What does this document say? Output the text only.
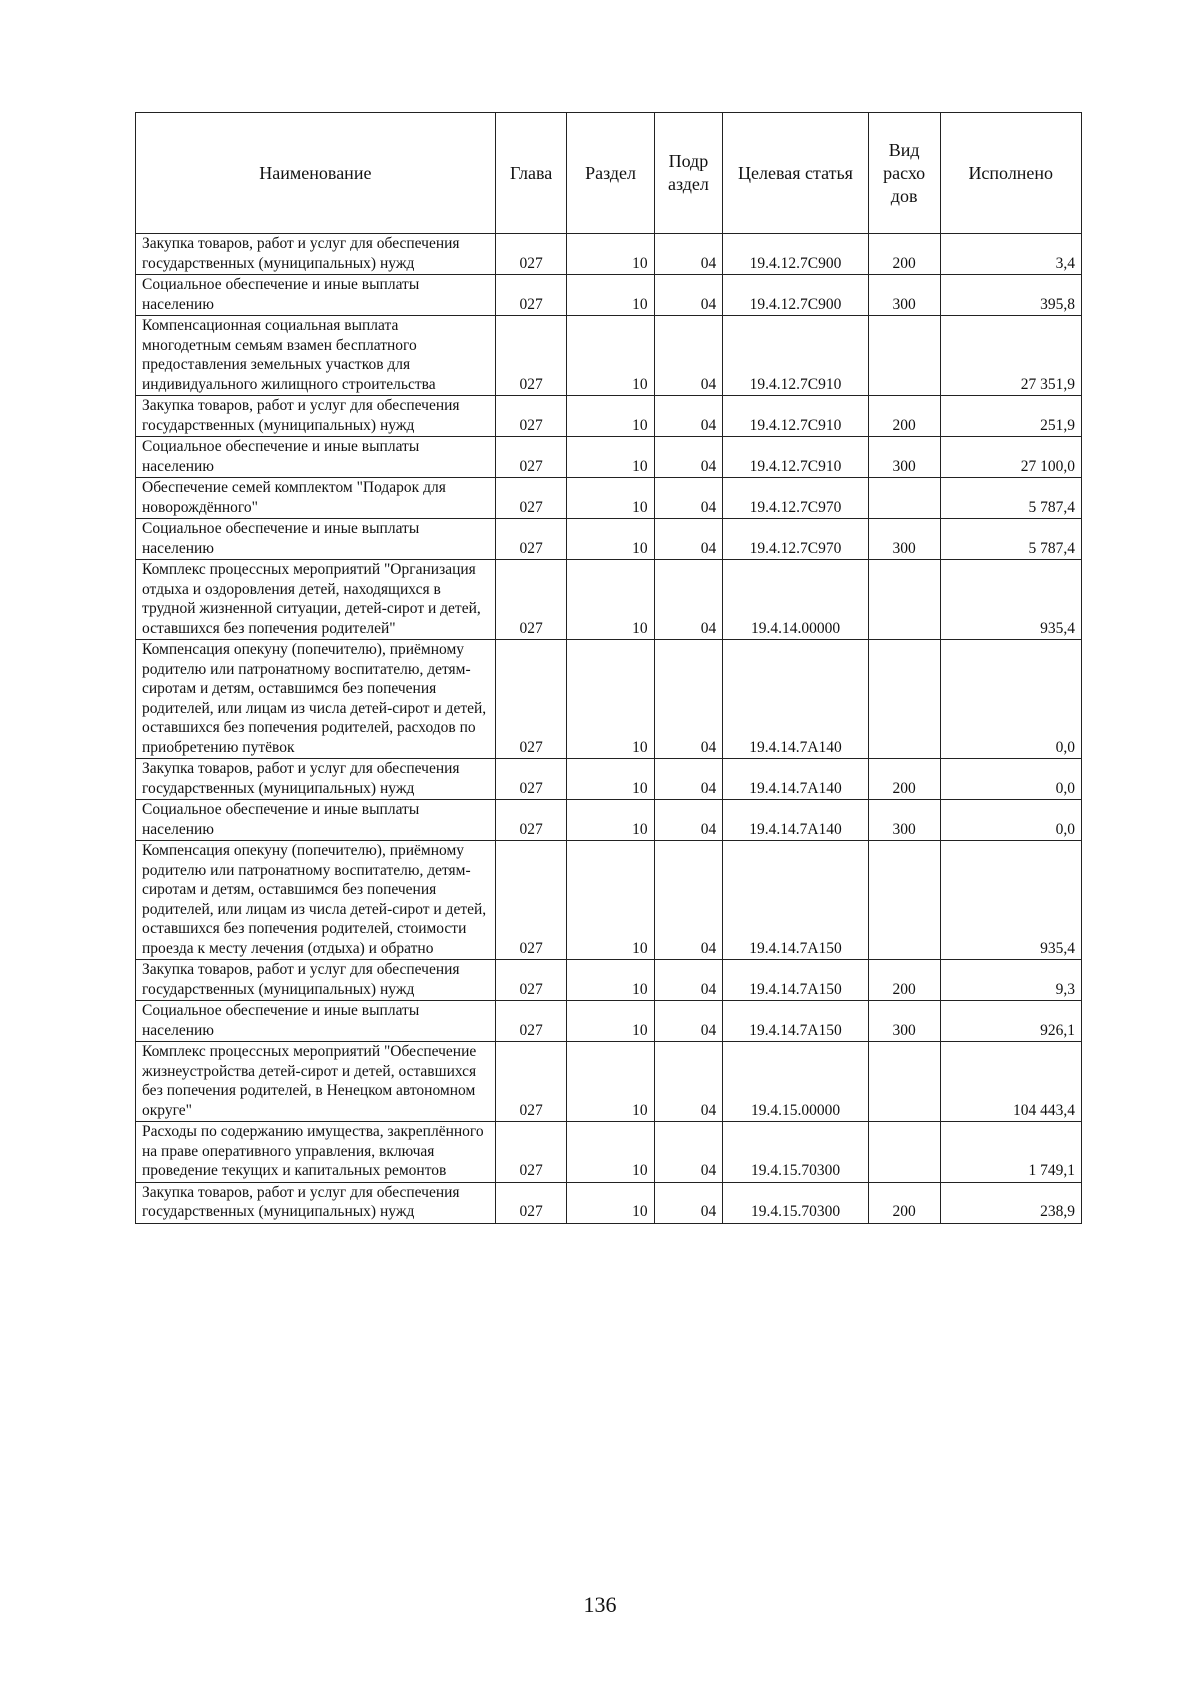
Наименование	Глава	Раздел	Подр аздел	Целевая статья	Вид расхо дов	Исполнено
Закупка товаров, работ и услуг для обеспечения государственных (муниципальных) нужд	027	10	04	19.4.12.7С900	200	3,4
Социальное обеспечение и иные выплаты населению	027	10	04	19.4.12.7С900	300	395,8
Компенсационная социальная выплата многодетным семьям взамен бесплатного предоставления земельных участков для индивидуального жилищного строительства	027	10	04	19.4.12.7С910		27 351,9
Закупка товаров, работ и услуг для обеспечения государственных (муниципальных) нужд	027	10	04	19.4.12.7С910	200	251,9
Социальное обеспечение и иные выплаты населению	027	10	04	19.4.12.7С910	300	27 100,0
Обеспечение семей комплектом "Подарок для новорождённого"	027	10	04	19.4.12.7С970		5 787,4
Социальное обеспечение и иные выплаты населению	027	10	04	19.4.12.7С970	300	5 787,4
Комплекс процессных мероприятий "Организация отдыха и оздоровления детей, находящихся в трудной жизненной ситуации, детей-сирот и детей, оставшихся без попечения родителей"	027	10	04	19.4.14.00000		935,4
Компенсация опекуну (попечителю), приёмному родителю или патронатному воспитателю, детям-сиротам и детям, оставшимся без попечения родителей, или лицам из числа детей-сирот и детей, оставшихся без попечения родителей, расходов по приобретению путёвок	027	10	04	19.4.14.7А140		0,0
Закупка товаров, работ и услуг для обеспечения государственных (муниципальных) нужд	027	10	04	19.4.14.7А140	200	0,0
Социальное обеспечение и иные выплаты населению	027	10	04	19.4.14.7А140	300	0,0
Компенсация опекуну (попечителю), приёмному родителю или патронатному воспитателю, детям-сиротам и детям, оставшимся без попечения родителей, или лицам из числа детей-сирот и детей, оставшихся без попечения родителей, стоимости проезда к месту лечения (отдыха) и обратно	027	10	04	19.4.14.7А150		935,4
Закупка товаров, работ и услуг для обеспечения государственных (муниципальных) нужд	027	10	04	19.4.14.7А150	200	9,3
Социальное обеспечение и иные выплаты населению	027	10	04	19.4.14.7А150	300	926,1
Комплекс процессных мероприятий "Обеспечение жизнеустройства детей-сирот и детей, оставшихся без попечения родителей, в Ненецком автономном округе"	027	10	04	19.4.15.00000		104 443,4
Расходы по содержанию имущества, закреплённого на праве оперативного управления, включая проведение текущих и капитальных ремонтов	027	10	04	19.4.15.70300		1 749,1
Закупка товаров, работ и услуг для обеспечения государственных (муниципальных) нужд	027	10	04	19.4.15.70300	200	238,9
136
